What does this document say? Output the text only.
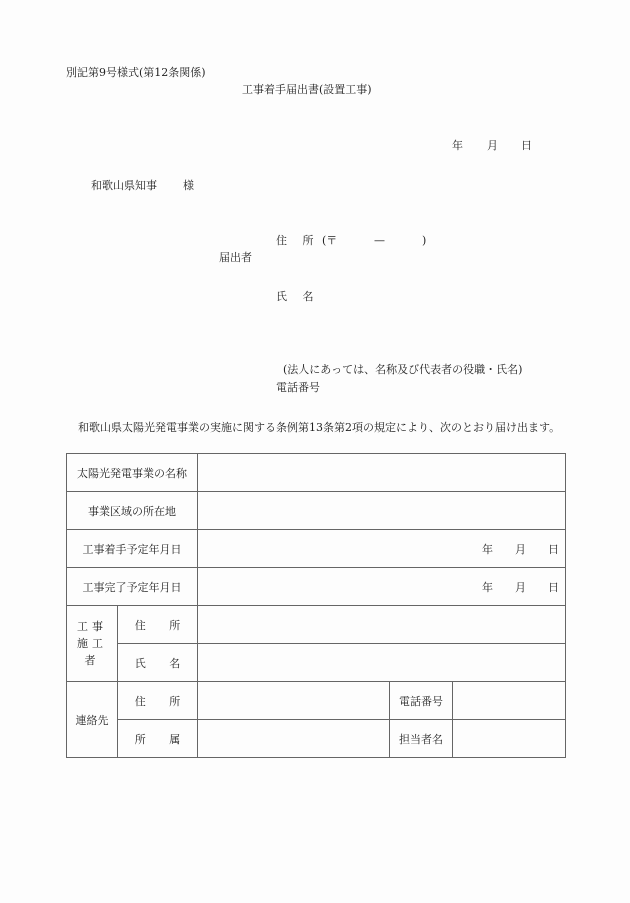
別記第9号様式(第12条関係)
工事着手届出書(設置工事)
年 月 日
和歌山県知事 様
住 所 (〒	—	)
届出者
氏 名
(法人にあっては、名称及び代表者の役職・氏名)
電話番号
和歌山県太陽光発電事業の実施に関する条例第13条第2項の規定により、次のとおり届け出ます。
太陽光発電事業の名称				
事業区域の所在地				
工事着手予定年月日		年 月 日		
工事完了予定年月日		年 月 日		
工事施工者	住 所			
	氏 名			
連絡先	住 所		電話番号	
	所 属		担当者名	
